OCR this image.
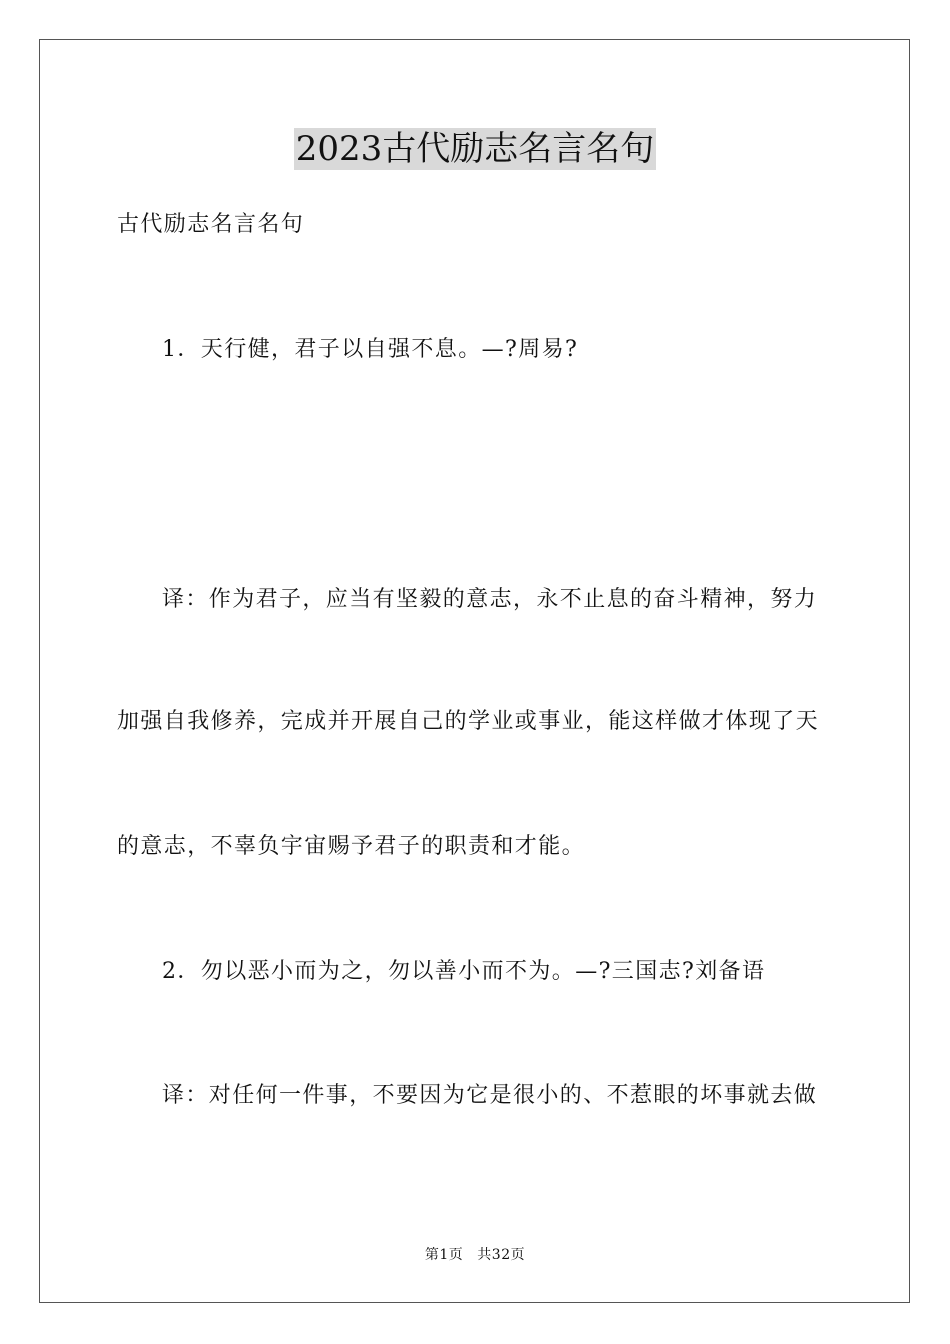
2023古代励志名言名句
古代励志名言名句
1．天行健，君子以自强不息。—?周易?
译：作为君子，应当有坚毅的意志，永不止息的奋斗精神，努力
加强自我修养，完成并开展自己的学业或事业，能这样做才体现了天
的意志，不辜负宇宙赐予君子的职责和才能。
2．勿以恶小而为之，勿以善小而不为。—?三国志?刘备语
译：对任何一件事，不要因为它是很小的、不惹眼的坏事就去做
第1页 共32页
